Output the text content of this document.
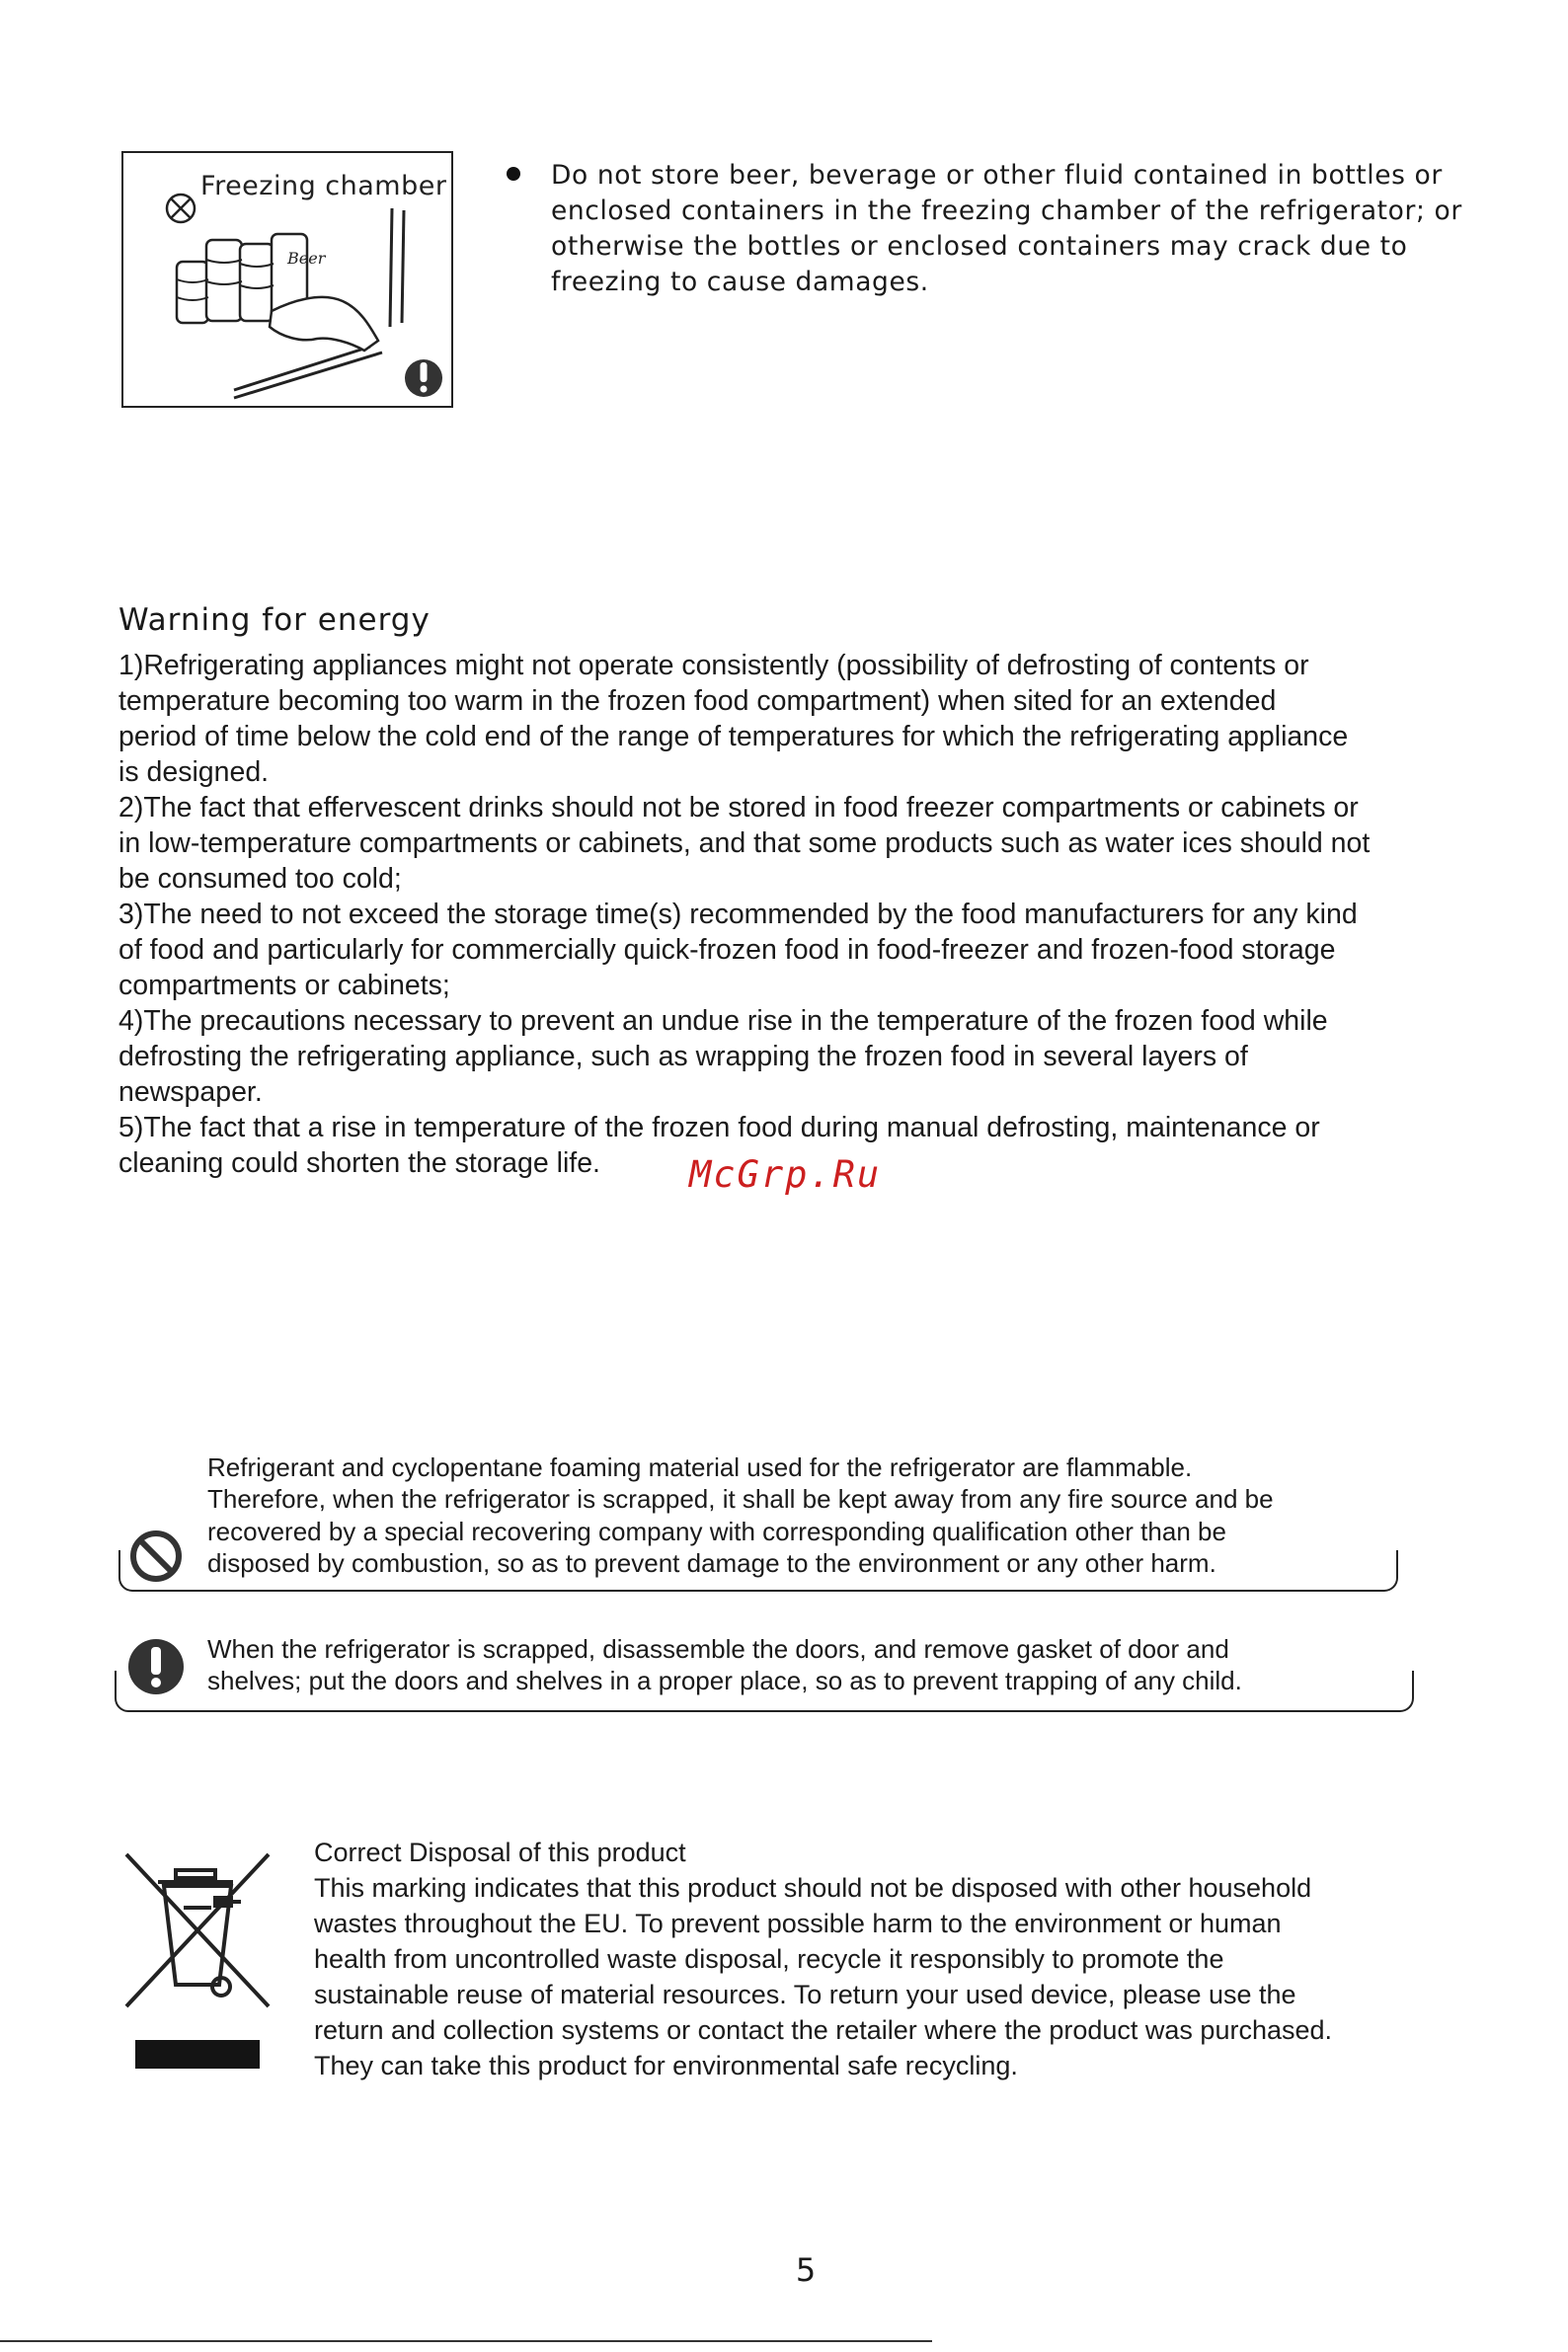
Beer
Freezing chamber	Do not store beer, beverage or other fluid contained in bottles or
enclosed containers in the freezing chamber of the refrigerator; or
otherwise the bottles or enclosed containers may crack due to
freezing to cause damages.
Warning for energy
1)Refrigerating appliances might not operate consistently (possibility of defrosting of contents or
temperature becoming too warm in the frozen food compartment) when sited for an extended
period of time below the cold end of the range of temperatures for which the refrigerating appliance
is designed.
2)The fact that effervescent drinks should not be stored in food freezer compartments or cabinets or
in low-temperature compartments or cabinets, and that some products such as water ices should not
be consumed too cold;
3)The need to not exceed the storage time(s) recommended by the food manufacturers for any kind
of food and particularly for commercially quick-frozen food in food-freezer and frozen-food storage
compartments or cabinets;
4)The precautions necessary to prevent an undue rise in the temperature of the frozen food while
defrosting the refrigerating appliance, such as wrapping the frozen food in several layers of
newspaper.
5)The fact that a rise in temperature of the frozen food during manual defrosting, maintenance or
cleaning could shorten the storage life.	McGrp.Ru
Refrigerant and cyclopentane foaming material used for the refrigerator are flammable.
Therefore, when the refrigerator is scrapped, it shall be kept away from any fire source and be
recovered by a special recovering company with corresponding qualification other than be
disposed by combustion, so as to prevent damage to the environment or any other harm.
When the refrigerator is scrapped, disassemble the doors, and remove gasket of door and
shelves; put the doors and shelves in a proper place, so as to prevent trapping of any child.
Correct Disposal of this product
This marking indicates that this product should not be disposed with other household
wastes throughout the EU. To prevent possible harm to the environment or human
health from uncontrolled waste disposal, recycle it responsibly to promote the
sustainable reuse of material resources. To return your used device, please use the
return and collection systems or contact the retailer where the product was purchased.
They can take this product for environmental safe recycling.
5
